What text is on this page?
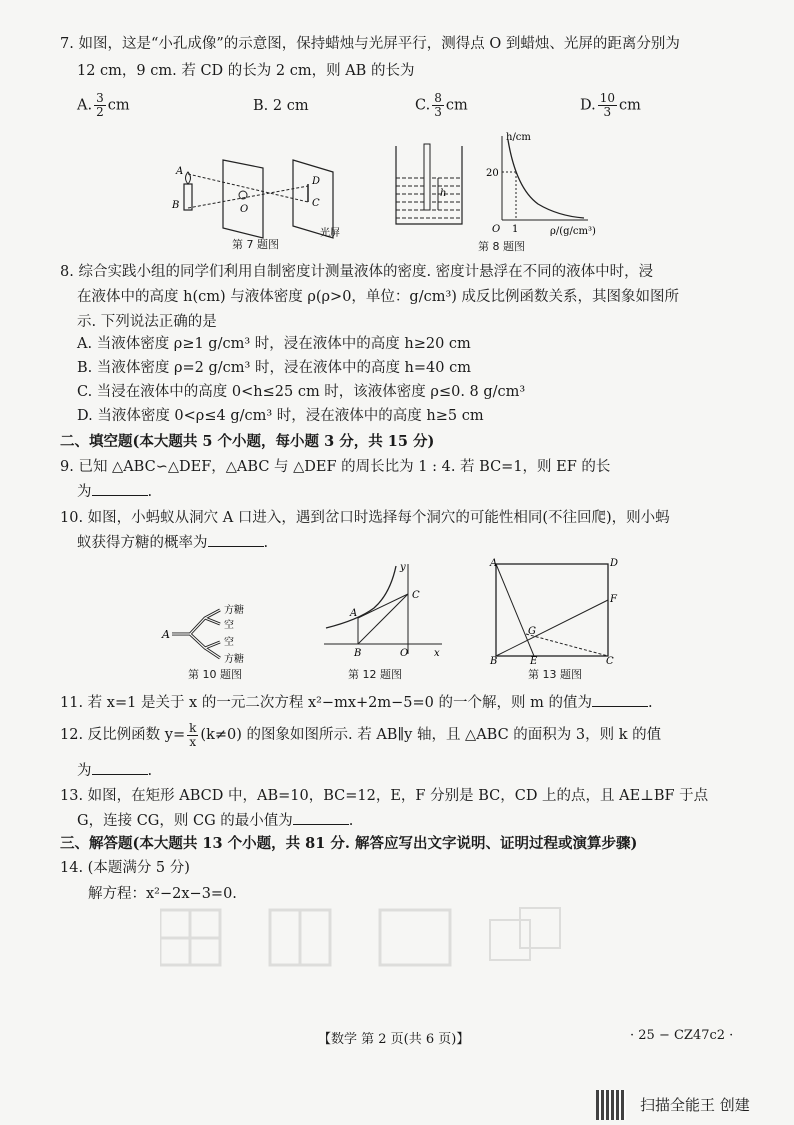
7. 如图，这是“小孔成像”的示意图，保持蜡烛与光屏平行，测得点 O 到蜡烛、光屏的距离分别为
12 cm，9 cm. 若 CD 的长为 2 cm，则 AB 的长为
A. $\frac{3}{2}$ cm	B. 2 cm	C. $\frac{8}{3}$ cm	D. $\frac{10}{3}$ cm
A
B	O
D
C
光屏
第 7 题图
h
h/cm
20
1
O	ρ/(g/cm³)
第 8 题图
8. 综合实践小组的同学们利用自制密度计测量液体的密度. 密度计悬浮在不同的液体中时，浸
在液体中的高度 h(cm) 与液体密度 ρ(ρ>0，单位：g/cm³) 成反比例函数关系，其图象如图所
示. 下列说法正确的是
A. 当液体密度 ρ≥1 g/cm³ 时，浸在液体中的高度 h≥20 cm
B. 当液体密度 ρ=2 g/cm³ 时，浸在液体中的高度 h=40 cm
C. 当浸在液体中的高度 0<h≤25 cm 时，该液体密度 ρ≤0. 8 g/cm³
D. 当液体密度 0<ρ≤4 g/cm³ 时，浸在液体中的高度 h≥5 cm
二、填空题(本大题共 5 个小题，每小题 3 分，共 15 分)
9. 已知 △ABC∽△DEF，△ABC 与 △DEF 的周长比为 1 : 4. 若 BC=1，则 EF 的长
为	.
10. 如图，小蚂蚁从洞穴 A 口进入，遇到岔口时选择每个洞穴的可能性相同(不往回爬)，则小蚂
蚁获得方糖的概率为	.
A
方糖
空
空
方糖
第 10 题图
y
A
C
B	O	x
第 12 题图
A	D
F
G
B	E	C
第 13 题图
11. 若 x=1 是关于 x 的一元二次方程 x²−mx+2m−5=0 的一个解，则 m 的值为	.
12. 反比例函数 $y= \frac{k}{x} (k\ne 0)$ 的图象如图所示. 若 AB∥y 轴，且 △ABC 的面积为 3，则 k 的值
为	.
13. 如图，在矩形 ABCD 中，AB=10，BC=12，E，F 分别是 BC，CD 上的点，且 AE⊥BF 于点
G，连接 CG，则 CG 的最小值为	.
三、解答题(本大题共 13 个小题，共 81 分. 解答应写出文字说明、证明过程或演算步骤)
14. (本题满分 5 分)
解方程：x²−2x−3=0.
【数学 第 2 页(共 6 页)】	· 25 − CZ47c2 ·
扫描全能王 创建
